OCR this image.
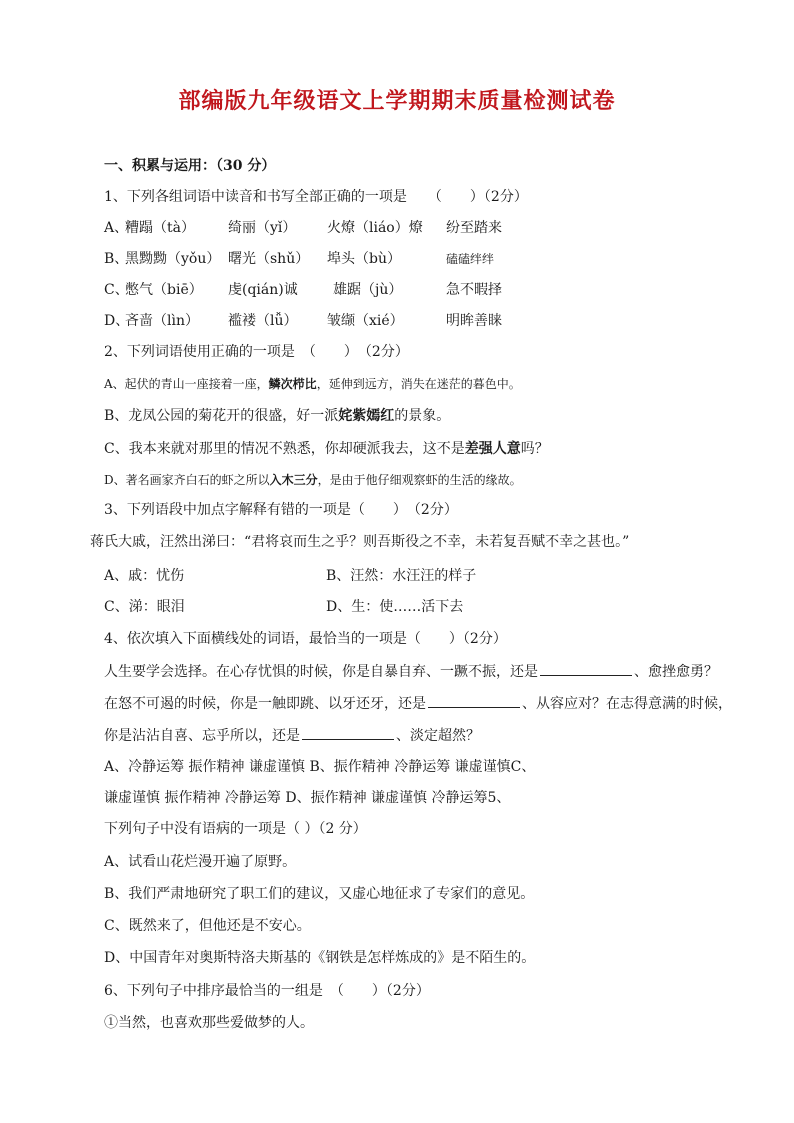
部编版九年级语文上学期期末质量检测试卷
一、积累与运用：（30 分）
1、下列各组词语中读音和书写全部正确的一项是　　（　　）（2分）
A、
糟蹋（tà） 绮丽（yǐ） 火燎（liáo）燎 纷至踏来
B、
黑黝黝（yǒu） 曙光（shǔ） 埠头（bù）	磕磕绊绊
C、
憋气（biē） 虔(qián)诚	雄踞（jù）	急不暇择
D、
吝啬（lìn） 褴褛（lǚ） 皱缬（xié）	明眸善睐
2、下列词语使用正确的一项是　（　　）　（2分）
A、起伏的青山一座接着一座，鳞次栉比，延伸到远方，消失在迷茫的暮色中。
B、龙凤公园的菊花开的很盛，好一派姹紫嫣红的景象。
C、我本来就对那里的情况不熟悉，你却硬派我去，这不是差强人意吗？
D、著名画家齐白石的虾之所以入木三分，是由于他仔细观察虾的生活的缘故。
3、下列语段中加点字解释有错的一项是（　　）　（2分）
蒋氏大戚，汪然出涕曰：“君将哀而生之乎？则吾斯役之不幸，未若复吾赋不幸之甚也。”
A、戚：忧伤	B、汪然：水汪汪的样子
C、涕：眼泪	D、生：使……活下去
4、依次填入下面横线处的词语，最恰当的一项是（　　）（2分）
人生要学会选择。在心存忧惧的时候，你是自暴自弃、一蹶不振，还是	、愈挫愈勇？
在怒不可遏的时候，你是一触即跳、以牙还牙，还是	、从容应对？在志得意满的时候，
你是沾沾自喜、忘乎所以，还是	、淡定超然？
A、冷静运筹 振作精神 谦虚谨慎 B、振作精神 冷静运筹 谦虚谨慎C、
谦虚谨慎 振作精神 冷静运筹 D、振作精神 谦虚谨慎 冷静运筹5、
下列句子中没有语病的一项是（ ）（2 分）
A、试看山花烂漫开遍了原野。
B、我们严肃地研究了职工们的建议，又虚心地征求了专家们的意见。
C、既然来了，但他还是不安心。
D、中国青年对奥斯特洛夫斯基的《钢铁是怎样炼成的》是不陌生的。
6、下列句子中排序最恰当的一组是　（　　）（2分）
①当然，也喜欢那些爱做梦的人。
